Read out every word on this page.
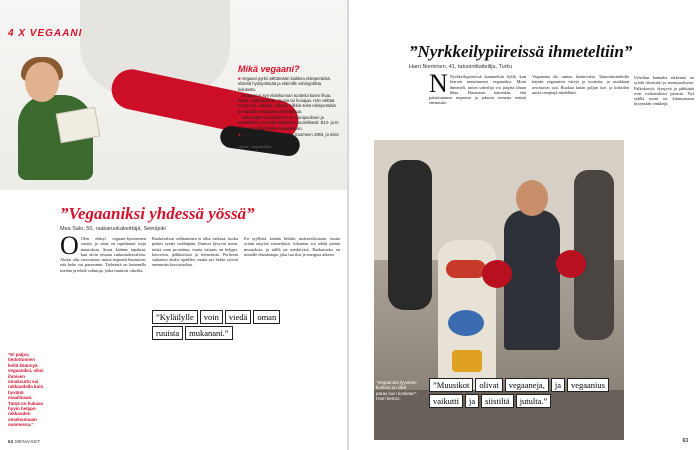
4 X VEGAANI
Mikä vegaani?
■ Vegaani pyrkii välttämään kaikkea eläinperäistä, eläimiä hyödyntävää ja eläimille vahingollista kulutusta.
■ Vegaani ei syö eläinkunnan tuotteita kuten lihaa, kalaa, maitotuotteita, munia tai hunajaa. Hän välttää myös mm. nahkaa, villaa ja silkkiä sekä eläinperäisiä ja eläimillä testattuja kosmetiikkaa.
■ Joka neljäs suomalainen on monipuolinen ja terveellinen, se pitää kosolteen huolellisesti: B12- ja D-vitamiinia pitää lisätä ruokavalioon.
■ Vegaaniyhdistys perustettiin Suomeen 1993, ja siinä on tänä noin 800 jäsentä.
Lähde: Vegaaniliitto
”Vegaaniksi yhdessä yössä”
Mea Salo, 50, raakaruokakeittäjä, Seinäjoki
”Ei paljoa tiedottomien keitä käännyä vegaaniksi, siksi ihmisen omaksuttu sai rakkaudella kuin hyvänä maailmaan. Tämä on kukaan hyvin helppo rakkauden omaksumaan suomessa.”
O Olen elänyt vegaani-kymmenen vuotta, ja siinä on tapahtunut isoja muutoksia. Suuri käänne tapahtui, kun aloin seurata raakaruokavaliota. Aluksi olin varovainen, mutta nopeasti huomasin, että keho voi paremmin. Tärkeintä on kuunnella itseään ja tehdä valintoja, jotka tuntuvat oikeilta.
Ruokavalion vaihtaminen ei ollut vaikeaa, koska päätös syntyi sisältäpäin. Ihmiset kysyvät usein, mistä saan proteiinia, mutta vastaus on helppo: kasveista, pähkinöistä ja siemenistä. Perheeni suhtautui aluksi epäillen, mutta nyt hekin syövät enemmän kasvisruokaa.
En syyllistä ketään heidän ruokavaliostaan, mutta yritän näyttää esimerkkiä. Jokainen voi tehdä pieniä muutoksia, ja niillä on merkitystä. Raakaruoka on minulle elämäntapa, joka tuo iloa ja energiaa arkeen.
”Kyläilyllе	voin	viedä	oman
ruuista	mukanani.”
62 MENAISET
”Nyrkkeilypiireissä ihmeteltiin”
Harri Nieminen, 41, tatuointitaiteilija, Turku
N Nyrkkeilypiireissä kuunneltiin kyllä, kun kerroin muuttaneeni vegaaniksi. Moni ihmetteli, miten urheilija voi pärjätä ilman lihaa. Huomasin kuitenkin, että palautuminen nopeutui ja jaksoin treenata entistä enemmän.
Vegaanina olo tuntuu luontevalta. Tatuointistudiolla käytän vegaanisia värejä ja tuotteita, ja asiakkaat arvostavat sitä. Ruokaa laitan paljon itse, ja kokeilen uusia reseptejä mielelläni.
”Vegaanina fyysinen kuntoni on ollut paras kuin koskaan”, Harri kertoo.
Urheilun kannalta tärkeintä on syödä riittävästi ja monipuolisesti. Palkokasvit, täysjyvä ja pähkinät ovat ruokavalioni perusta. Nyt salilla moni on kiinnostunut kysymään vinkkejä.
”Muusikot	olivat	vegaaneja,	ja	vegaanius
vaikutti	ja	siistiltä	jutulta.”
63
